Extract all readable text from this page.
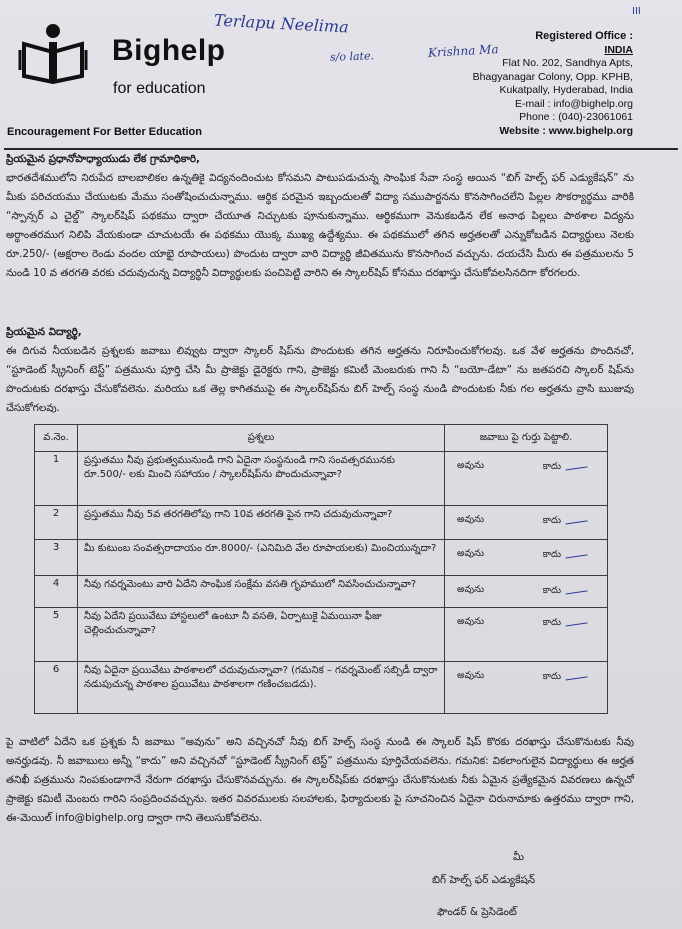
Bighelp
for education
Encouragement For Better Education
Registered Office :
INDIA
Flat No. 202, Sandhya Apts,
Bhagyanagar Colony, Opp. KPHB,
Kukatpally, Hyderabad, India
E-mail : info@bighelp.org
Phone : (040)-23061061
Website : www.bighelp.org
Terlapu Neelima
s/o late.	Krishna Ma
III
ప్రియమైన ప్రధానోపాధ్యాయుడు లేక గ్రామాధికారి,
భారతదేశములోని నిరుపేద బాలబాలికల ఉన్నతికై విద్యనందించుట కోసమని పాటుపడుచున్న సాంఘిక సేవా సంస్థ అయిన “బిగ్ హెల్ప్ ఫర్ ఎడ్యుకేషన్” ను మీకు పరిచయము చేయుటకు మేము సంతోషించుచున్నాము. ఆర్థిక పరమైన ఇబ్బందులతో విద్యా సముపార్జనను కొనసాగించలేని పిల్లల సౌకర్యార్థము వారికి “స్పాన్సర్ ఎ చైల్డ్” స్కాలర్‌షిప్ పథకము ద్వారా చేయూత నిచ్చుటకు పూనుకున్నాము. ఆర్థికముగా వెనుకబడిన లేక అనాథ పిల్లలు పాఠశాల విద్యను అర్థాంతరముగ నిలిపి వేయకుండా చూచుటయే ఈ పథకము యొక్క ముఖ్య ఉద్దేశ్యము. ఈ పథకములో తగిన అర్హతలతో ఎన్నుకోబడిన విద్యార్థులు నెలకు రూ.250/- (అక్షరాల రెండు వందల యాభై రూపాయలు) పొందుట ద్వారా వారి విద్యార్థి జీవితమును కొనసాగించ వచ్చును. దయచేసి మీరు ఈ పత్రములను 5 నుండి 10 వ తరగతి వరకు చదువుచున్న విద్యార్థినీ విద్యార్థులకు పంచిపెట్టి వారిని ఈ స్కాలర్‌షిప్ కోసము దరఖాస్తు చేసుకోవలసినదిగా కోరగలరు.
ప్రియమైన విద్యార్థి,
ఈ దిగువ నీయబడిన ప్రశ్నలకు జవాబు లివ్వుట ద్వారా స్కాలర్ షిప్‌ను పొందుటకు తగిన అర్హతను నిరూపించుకోగలవు. ఒక వేళ అర్హతను పొందినచో, “స్టూడెంట్ స్క్రీనింగ్ టెస్ట్” పత్రమును పూర్తి చేసి మీ ప్రాజెక్టు డైరెక్టరు గాని, ప్రాజెక్టు కమిటీ మెంబరుకు గాని నీ “బయో-డేటా” ను జతపరచి స్కాలర్ షిప్‌ను పొందుటకు దరఖాస్తు చేసుకోవలెను. మరియు ఒక తెల్ల కాగితముపై ఈ స్కాలర్‌షిప్‌ను బిగ్ హెల్ప్ సంస్థ నుండి పొందుటకు నీకు గల అర్హతను వ్రాసి ఋజువు చేసుకోగలవు.
వ.నెం.	ప్రశ్నలు	జవాబు పై గుర్తు పెట్టాలి.
1	ప్రస్తుతము నీవు ప్రభుత్వమునుండి గాని ఏదైనా సంస్థనుండి గాని సంవత్సరమునకు రూ.500/- లకు మించి సహాయం / స్కాలర్‌షిప్‌ను పొందుచున్నావా?	అవును కాదు

2	ప్రస్తుతము నీవు 5వ తరగతిలోపు గాని 10వ తరగతి పైన గాని చదువుచున్నావా?	అవును కాదు

3	మీ కుటుంబ సంవత్సరాదాయం రూ.8000/- (ఎనిమిది వేల రూపాయలకు) మించియున్నదా?	అవును కాదు

4	నీవు గవర్నమెంటు వారి ఏదేని సాంఘిక సంక్షేమ వసతి గృహములో నివసించుచున్నావా?	అవును కాదు

5	నీవు ఏదేని ప్రయివేటు హాస్టలులో ఉంటూ నీ వసతి, ఏర్పాటుకై ఏమయినా ఫీజు చెల్లించుచున్నావా?	అవును కాదు

6	నీవు ఏదైనా ప్రయివేటు పాఠశాలలో చదువుచున్నావా? (గమనిక – గవర్నమెంట్ సబ్సిడీ ద్వారా నడుపుచున్న పాఠశాల ప్రయివేటు పాఠశాలగా గణించబడదు).	అవును కాదు
పై వాటిలో ఏదేని ఒక ప్రశ్నకు నీ జవాబు “అవును” అని వచ్చినచో నీవు బిగ్ హెల్ప్ సంస్థ నుండి ఈ స్కాలర్ షిప్ కొరకు దరఖాస్తు చేసుకొనుటకు నీవు అనర్హుడవు. నీ జవాబులు అన్నీ “కాదు” అని వచ్చినచో “స్టూడెంట్ స్క్రీనింగ్ టెస్ట్” పత్రమును పూర్తిచేయవలెను. గమనిక: వికలాంగులైన విద్యార్థులు ఈ అర్హత తనిఖీ పత్రమును నింపకుండాగానే నేరుగా దరఖాస్తు చేసుకొనవచ్చును. ఈ స్కాలర్‌షిప్‌కు దరఖాస్తు చేసుకొనుటకు నీకు ఏమైన ప్రత్యేకమైన వివరణలు ఉన్నచో ప్రాజెక్టు కమిటీ మెంబరు గారిని సంప్రదించవచ్చును. ఇతర వివరములకు సలహాలకు, ఫిర్యాదులకు పై సూచనించిన ఏదైనా చిరునామాకు ఉత్తరము ద్వారా గాని, ఈ-మెయిల్ info@bighelp.org ద్వారా గాని తెలుసుకోవలెను.
మీ
బిగ్ హెల్ప్ ఫర్ ఎడ్యుకేషన్
ఫౌండర్ & ప్రెసిడెంట్
